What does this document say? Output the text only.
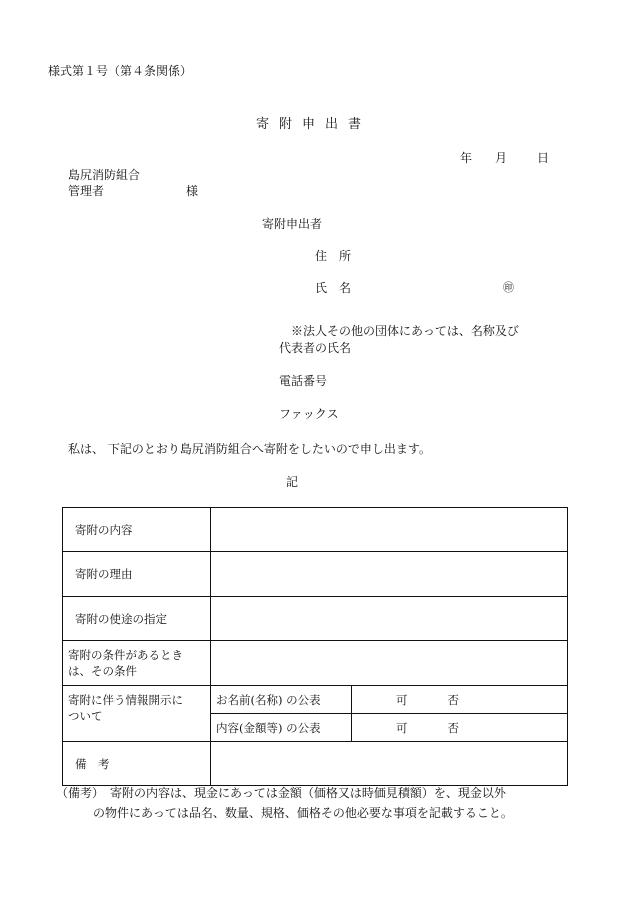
様式第１号（第４条関係）
寄附申出書
年 月 日
島尻消防組合
管理者	様
寄附申出者
住　所
氏　名	㊞
※法人その他の団体にあっては、名称及び
代表者の氏名
電話番号
ファックス
私は、 下記のとおり島尻消防組合へ寄附をしたいので申し出ます。
記
寄附の内容		
寄附の理由		
寄附の使途の指定		

寄附の条件があるとき
は、その条件		

寄附に伴う情報開示に
ついて	お名前(名称) の公表	可 否
	内容(金額等) の公表	可 否
備　考		
（備考）　寄附の内容は、現金にあっては金額（価格又は時価見積額）を、現金以外
の物件にあっては品名、数量、規格、価格その他必要な事項を記載すること。
